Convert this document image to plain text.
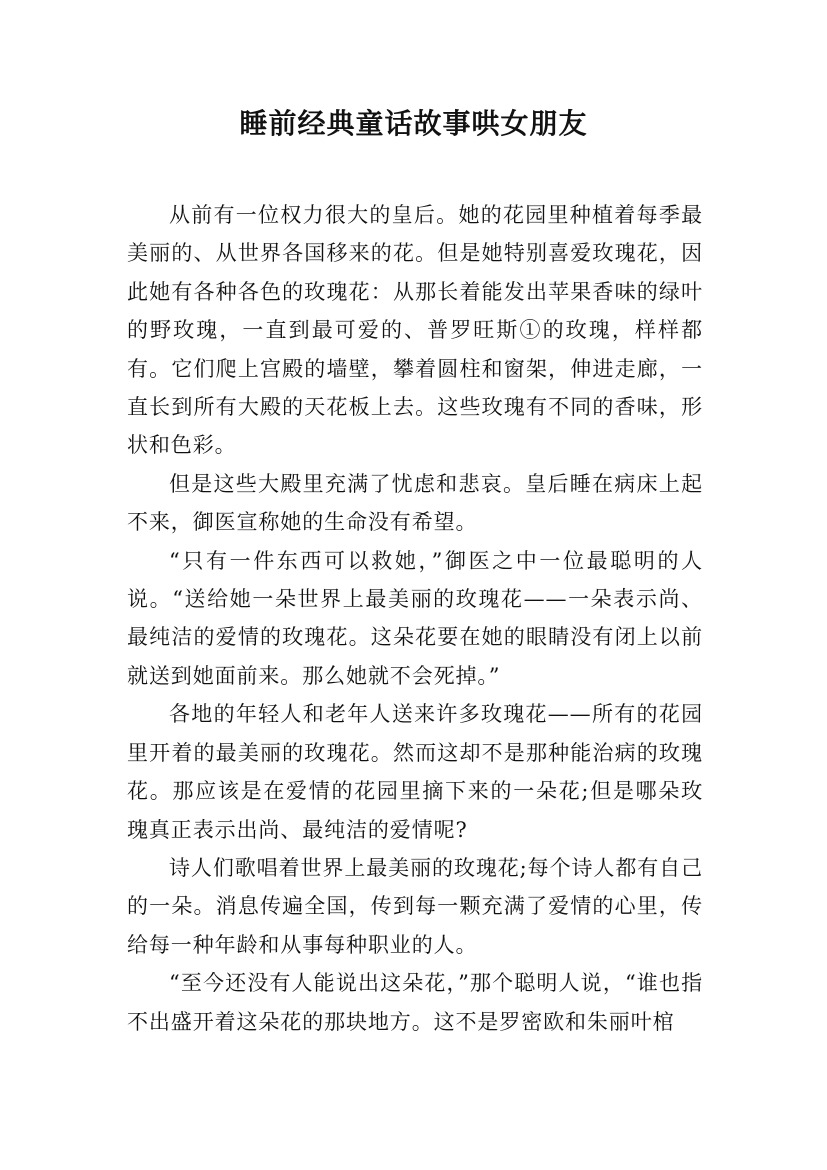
睡前经典童话故事哄女朋友

从前有一位权力很大的皇后。她的花园里种植着每季最美丽的、从世界各国移来的花。但是她特别喜爱玫瑰花，因此她有各种各色的玫瑰花：从那长着能发出苹果香味的绿叶的野玫瑰，一直到最可爱的、普罗旺斯①的玫瑰，样样都有。它们爬上宫殿的墙壁，攀着圆柱和窗架，伸进走廊，一直长到所有大殿的天花板上去。这些玫瑰有不同的香味，形状和色彩。

但是这些大殿里充满了忧虑和悲哀。皇后睡在病床上起不来，御医宣称她的生命没有希望。

“只有一件东西可以救她，”御医之中一位最聪明的人说。“送给她一朵世界上最美丽的玫瑰花——一朵表示尚、最纯洁的爱情的玫瑰花。这朵花要在她的眼睛没有闭上以前就送到她面前来。那么她就不会死掉。”

各地的年轻人和老年人送来许多玫瑰花——所有的花园里开着的最美丽的玫瑰花。然而这却不是那种能治病的玫瑰花。那应该是在爱情的花园里摘下来的一朵花;但是哪朵玫瑰真正表示出尚、最纯洁的爱情呢?

诗人们歌唱着世界上最美丽的玫瑰花;每个诗人都有自己的一朵。消息传遍全国，传到每一颗充满了爱情的心里，传给每一种年龄和从事每种职业的人。

“至今还没有人能说出这朵花，”那个聪明人说，“谁也指不出盛开着这朵花的那块地方。这不是罗密欧和朱丽叶棺
